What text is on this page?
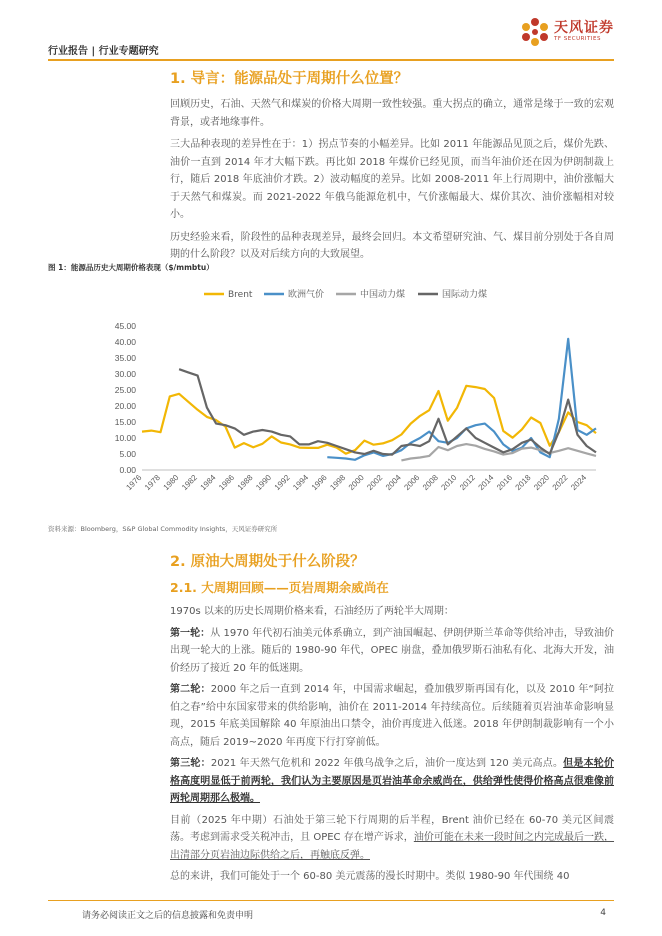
行业报告 | 行业专题研究
天风证券
TF SECURITIES
1. 导言：能源品处于周期什么位置？

回顾历史，石油、天然气和煤炭的价格大周期一致性较强。重大拐点的确立，通常是缘于一致的宏观背景，或者地缘事件。

三大品种表现的差异性在于：1）拐点节奏的小幅差异。比如 2011 年能源品见顶之后，煤价先跌、油价一直到 2014 年才大幅下跌。再比如 2018 年煤价已经见顶，而当年油价还在因为伊朗制裁上行，随后 2018 年底油价才跌。2）波动幅度的差异。比如 2008-2011 年上行周期中，油价涨幅大于天然气和煤炭。而 2021-2022 年俄乌能源危机中，气价涨幅最大、煤价其次、油价涨幅相对较小。

历史经验来看，阶段性的品种表现差异，最终会回归。本文希望研究油、气、煤目前分别处于各自周期的什么阶段？以及对后续方向的大致展望。

图 1：能源品历史大周期价格表现（$/mmbtu）
0.00
5.00
10.00
15.00
20.00
25.00
30.00
35.00
40.00
45.00
1976 1978 1980 1982 1984 1986 1988 1990 1992 1994 1996 1998 2000 2002 2004 2006 2008 2010 2012 2014 2016 2018 2020 2022 2024
Brent	欧洲气价	中国动力煤	国际动力煤
资料来源：Bloomberg，S&P Global Commodity Insights，天风证券研究所
2. 原油大周期处于什么阶段？
2.1. 大周期回顾——页岩周期余威尚在

1970s 以来的历史长周期价格来看，石油经历了两轮半大周期：

第一轮：从 1970 年代初石油美元体系确立，到产油国崛起、伊朗伊斯兰革命等供给冲击，导致油价出现一轮大的上涨。随后的 1980-90 年代，OPEC 崩盘，叠加俄罗斯石油私有化、北海大开发，油价经历了接近 20 年的低迷期。

第二轮：2000 年之后一直到 2014 年，中国需求崛起，叠加俄罗斯再国有化，以及 2010 年“阿拉伯之春”给中东国家带来的供给影响，油价在 2011-2014 年持续高位。后续随着页岩油革命影响显现，2015 年底美国解除 40 年原油出口禁令，油价再度进入低迷。2018 年伊朗制裁影响有一个小高点，随后 2019~2020 年再度下行打穿前低。

第三轮：2021 年天然气危机和 2022 年俄乌战争之后，油价一度达到 120 美元高点。但是本轮价格高度明显低于前两轮，我们认为主要原因是页岩油革命余威尚在，供给弹性使得价格高点很难像前两轮周期那么极端。

目前（2025 年中期）石油处于第三轮下行周期的后半程，Brent 油价已经在 60-70 美元区间震荡。考虑到需求受关税冲击，且 OPEC 存在增产诉求，油价可能在未来一段时间之内完成最后一跌，出清部分页岩油边际供给之后，再触底反弹。

总的来讲，我们可能处于一个 60-80 美元震荡的漫长时期中。类似 1980-90 年代围绕 40

请务必阅读正文之后的信息披露和免责申明	4
